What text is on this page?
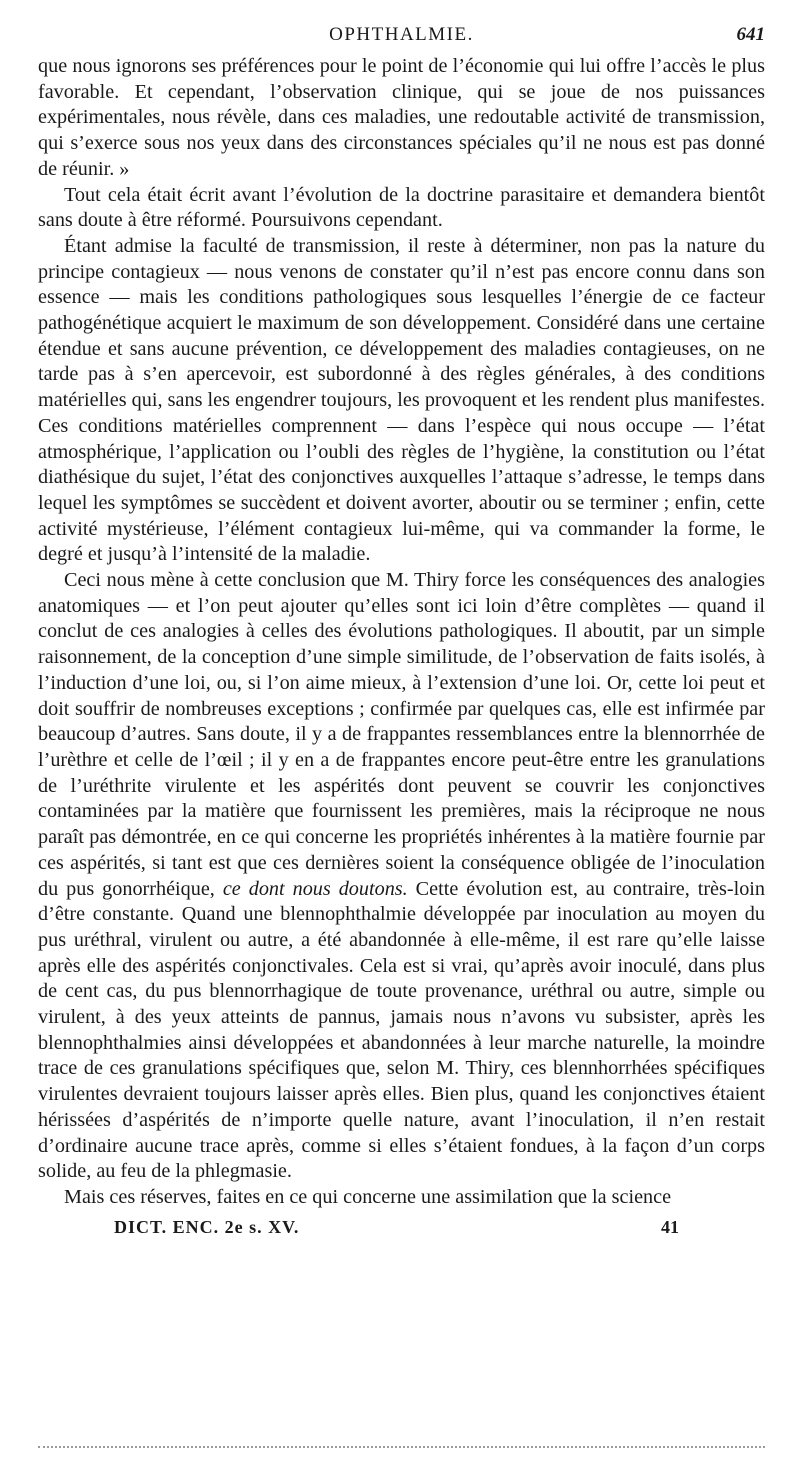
OPHTHALMIE.	641

que nous ignorons ses préférences pour le point de l’économie qui lui offre l’accès le plus favorable. Et cependant, l’observation clinique, qui se joue de nos puissances expérimentales, nous révèle, dans ces maladies, une redoutable activité de transmission, qui s’exerce sous nos yeux dans des circonstances spéciales qu’il ne nous est pas donné de réunir. »

Tout cela était écrit avant l’évolution de la doctrine parasitaire et demandera bientôt sans doute à être réformé. Poursuivons cependant.

Étant admise la faculté de transmission, il reste à déterminer, non pas la nature du principe contagieux — nous venons de constater qu’il n’est pas encore connu dans son essence — mais les conditions pathologiques sous lesquelles l’énergie de ce facteur pathogénétique acquiert le maximum de son développement. Considéré dans une certaine étendue et sans aucune prévention, ce développement des maladies contagieuses, on ne tarde pas à s’en apercevoir, est subordonné à des règles générales, à des conditions matérielles qui, sans les engendrer toujours, les provoquent et les rendent plus manifestes. Ces conditions matérielles comprennent — dans l’espèce qui nous occupe — l’état atmosphérique, l’application ou l’oubli des règles de l’hygiène, la constitution ou l’état diathésique du sujet, l’état des conjonctives auxquelles l’attaque s’adresse, le temps dans lequel les symptômes se succèdent et doivent avorter, aboutir ou se terminer ; enfin, cette activité mystérieuse, l’élément contagieux lui-même, qui va commander la forme, le degré et jusqu’à l’intensité de la maladie.

Ceci nous mène à cette conclusion que M. Thiry force les conséquences des analogies anatomiques — et l’on peut ajouter qu’elles sont ici loin d’être complètes — quand il conclut de ces analogies à celles des évolutions pathologiques. Il aboutit, par un simple raisonnement, de la conception d’une simple similitude, de l’observation de faits isolés, à l’induction d’une loi, ou, si l’on aime mieux, à l’extension d’une loi. Or, cette loi peut et doit souffrir de nombreuses exceptions ; confirmée par quelques cas, elle est infirmée par beaucoup d’autres. Sans doute, il y a de frappantes ressemblances entre la blennorrhée de l’urèthre et celle de l’œil ; il y en a de frappantes encore peut-être entre les granulations de l’uréthrite virulente et les aspérités dont peuvent se couvrir les conjonctives contaminées par la matière que fournissent les premières, mais la réciproque ne nous paraît pas démontrée, en ce qui concerne les propriétés inhérentes à la matière fournie par ces aspérités, si tant est que ces dernières soient la conséquence obligée de l’inoculation du pus gonorrhéique, ce dont nous doutons. Cette évolution est, au contraire, très-loin d’être constante. Quand une blennophthalmie développée par inoculation au moyen du pus uréthral, virulent ou autre, a été abandonnée à elle-même, il est rare qu’elle laisse après elle des aspérités conjonctivales. Cela est si vrai, qu’après avoir inoculé, dans plus de cent cas, du pus blennorrhagique de toute provenance, uréthral ou autre, simple ou virulent, à des yeux atteints de pannus, jamais nous n’avons vu subsister, après les blennophthalmies ainsi développées et abandonnées à leur marche naturelle, la moindre trace de ces granulations spécifiques que, selon M. Thiry, ces blennhorrhées spécifiques virulentes devraient toujours laisser après elles. Bien plus, quand les conjonctives étaient hérissées d’aspérités de n’importe quelle nature, avant l’inoculation, il n’en restait d’ordinaire aucune trace après, comme si elles s’étaient fondues, à la façon d’un corps solide, au feu de la phlegmasie.

Mais ces réserves, faites en ce qui concerne une assimilation que la science

DICT. ENC. 2e s. XV.	41
